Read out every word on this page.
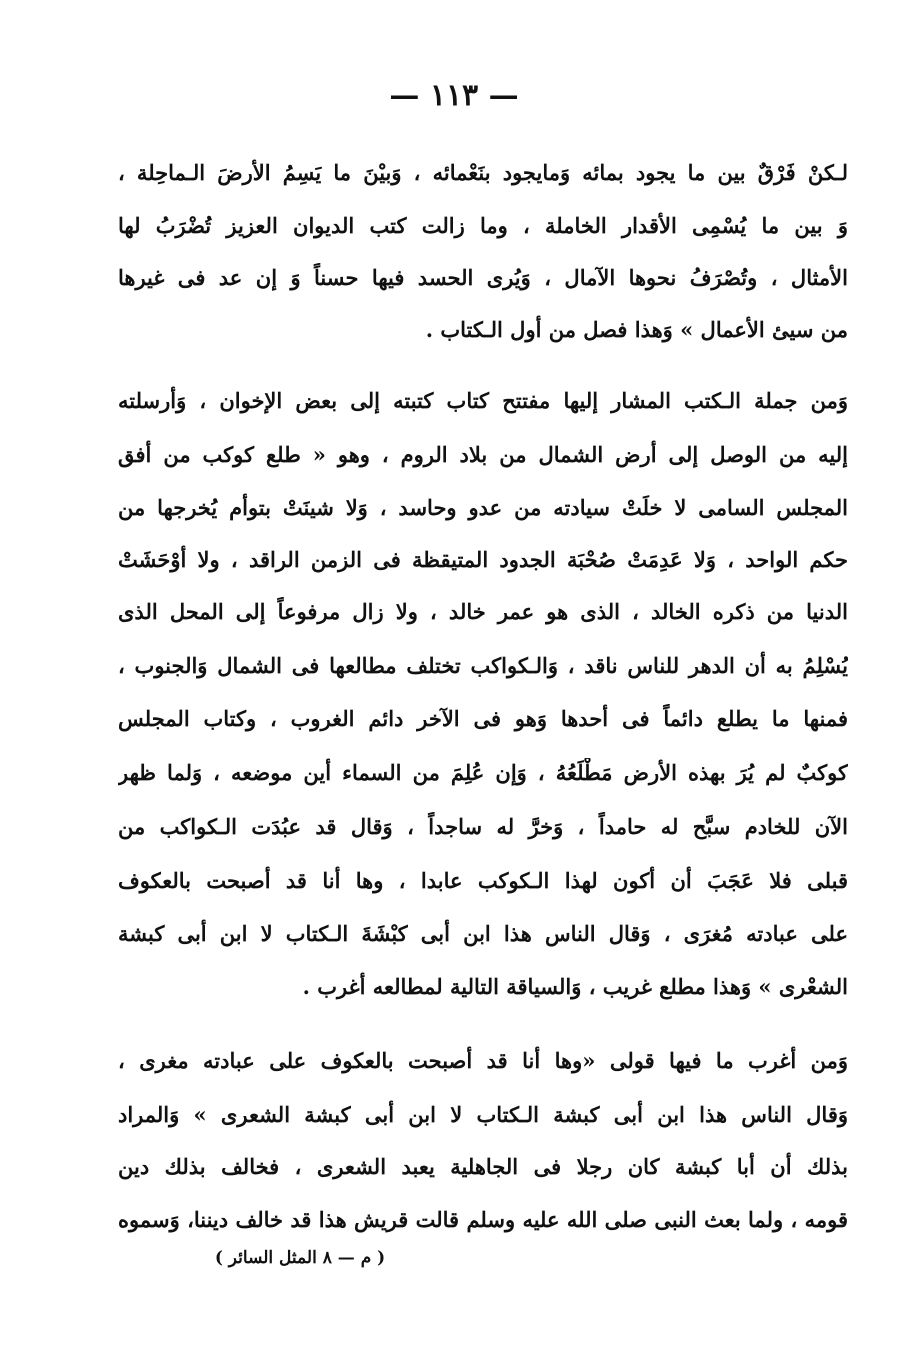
— ١١٣ —
لـكنْ فَرْقٌ بين ما يجود بمائه وَمايجود بنَعْمائه ، وَبيْنَ ما يَسِمُ الأرضَ الـماحِلة ،
وَ بين ما يُسْمِى الأقدار الخاملة ، وما زالت كتب الديوان العزيز تُضْرَبُ لها
الأمثال ، وتُصْرَفُ نحوها الآمال ، وَيُرى الحسد فيها حسناً وَ إن عد فى غيرها
من سيئ الأعمال » وَهذا فصل من أول الـكتاب .
وَمن جملة الـكتب المشار إليها مفتتح كتاب كتبته إلى بعض الإخوان ، وَأرسلته
إليه من الوصل إلى أرض الشمال من بلاد الروم ، وهو « طلع كوكب من أفق
المجلس السامى لا خلَتْ سيادته من عدو وحاسد ، وَلا شينَتْ بتوأم يُخرجها من
حكم الواحد ، وَلا عَدِمَتْ صُحْبَة الجدود المتيقظة فى الزمن الراقد ، ولا أوْحَشَتْ
الدنيا من ذكره الخالد ، الذى هو عمر خالد ، ولا زال مرفوعاً إلى المحل الذى
يُسْلِمُ به أن الدهر للناس ناقد ، وَالـكواكب تختلف مطالعها فى الشمال وَالجنوب ،
فمنها ما يطلع دائماً فى أحدها وَهو فى الآخر دائم الغروب ، وكتاب المجلس
كوكبٌ لم يُرَ بهذه الأرض مَطْلَعُهُ ، وَإن عُلِمَ من السماء أين موضعه ، وَلما ظهر
الآن للخادم سبَّح له حامداً ، وَخرَّ له ساجداً ، وَقال قد عبُدَت الـكواكب من
قبلى فلا عَجَبَ أن أكون لهذا الـكوكب عابدا ، وها أنا قد أصبحت بالعكوف
على عبادته مُغرَى ، وَقال الناس هذا ابن أبى كبْشَةَ الـكتاب لا ابن أبى كبشة
الشعْرى » وَهذا مطلع غريب ، وَالسياقة التالية لمطالعه أغرب .
وَمن أغرب ما فيها قولى «وها أنا قد أصبحت بالعكوف على عبادته مغرى ،
وَقال الناس هذا ابن أبى كبشة الـكتاب لا ابن أبى كبشة الشعرى » وَالمراد
بذلك أن أبا كبشة كان رجلا فى الجاهلية يعبد الشعرى ، فخالف بذلك دين
قومه ، ولما بعث النبى صلى الله عليه وسلم قالت قريش هذا قد خالف ديننا، وَسموه
( م — ٨ المثل السائر )
